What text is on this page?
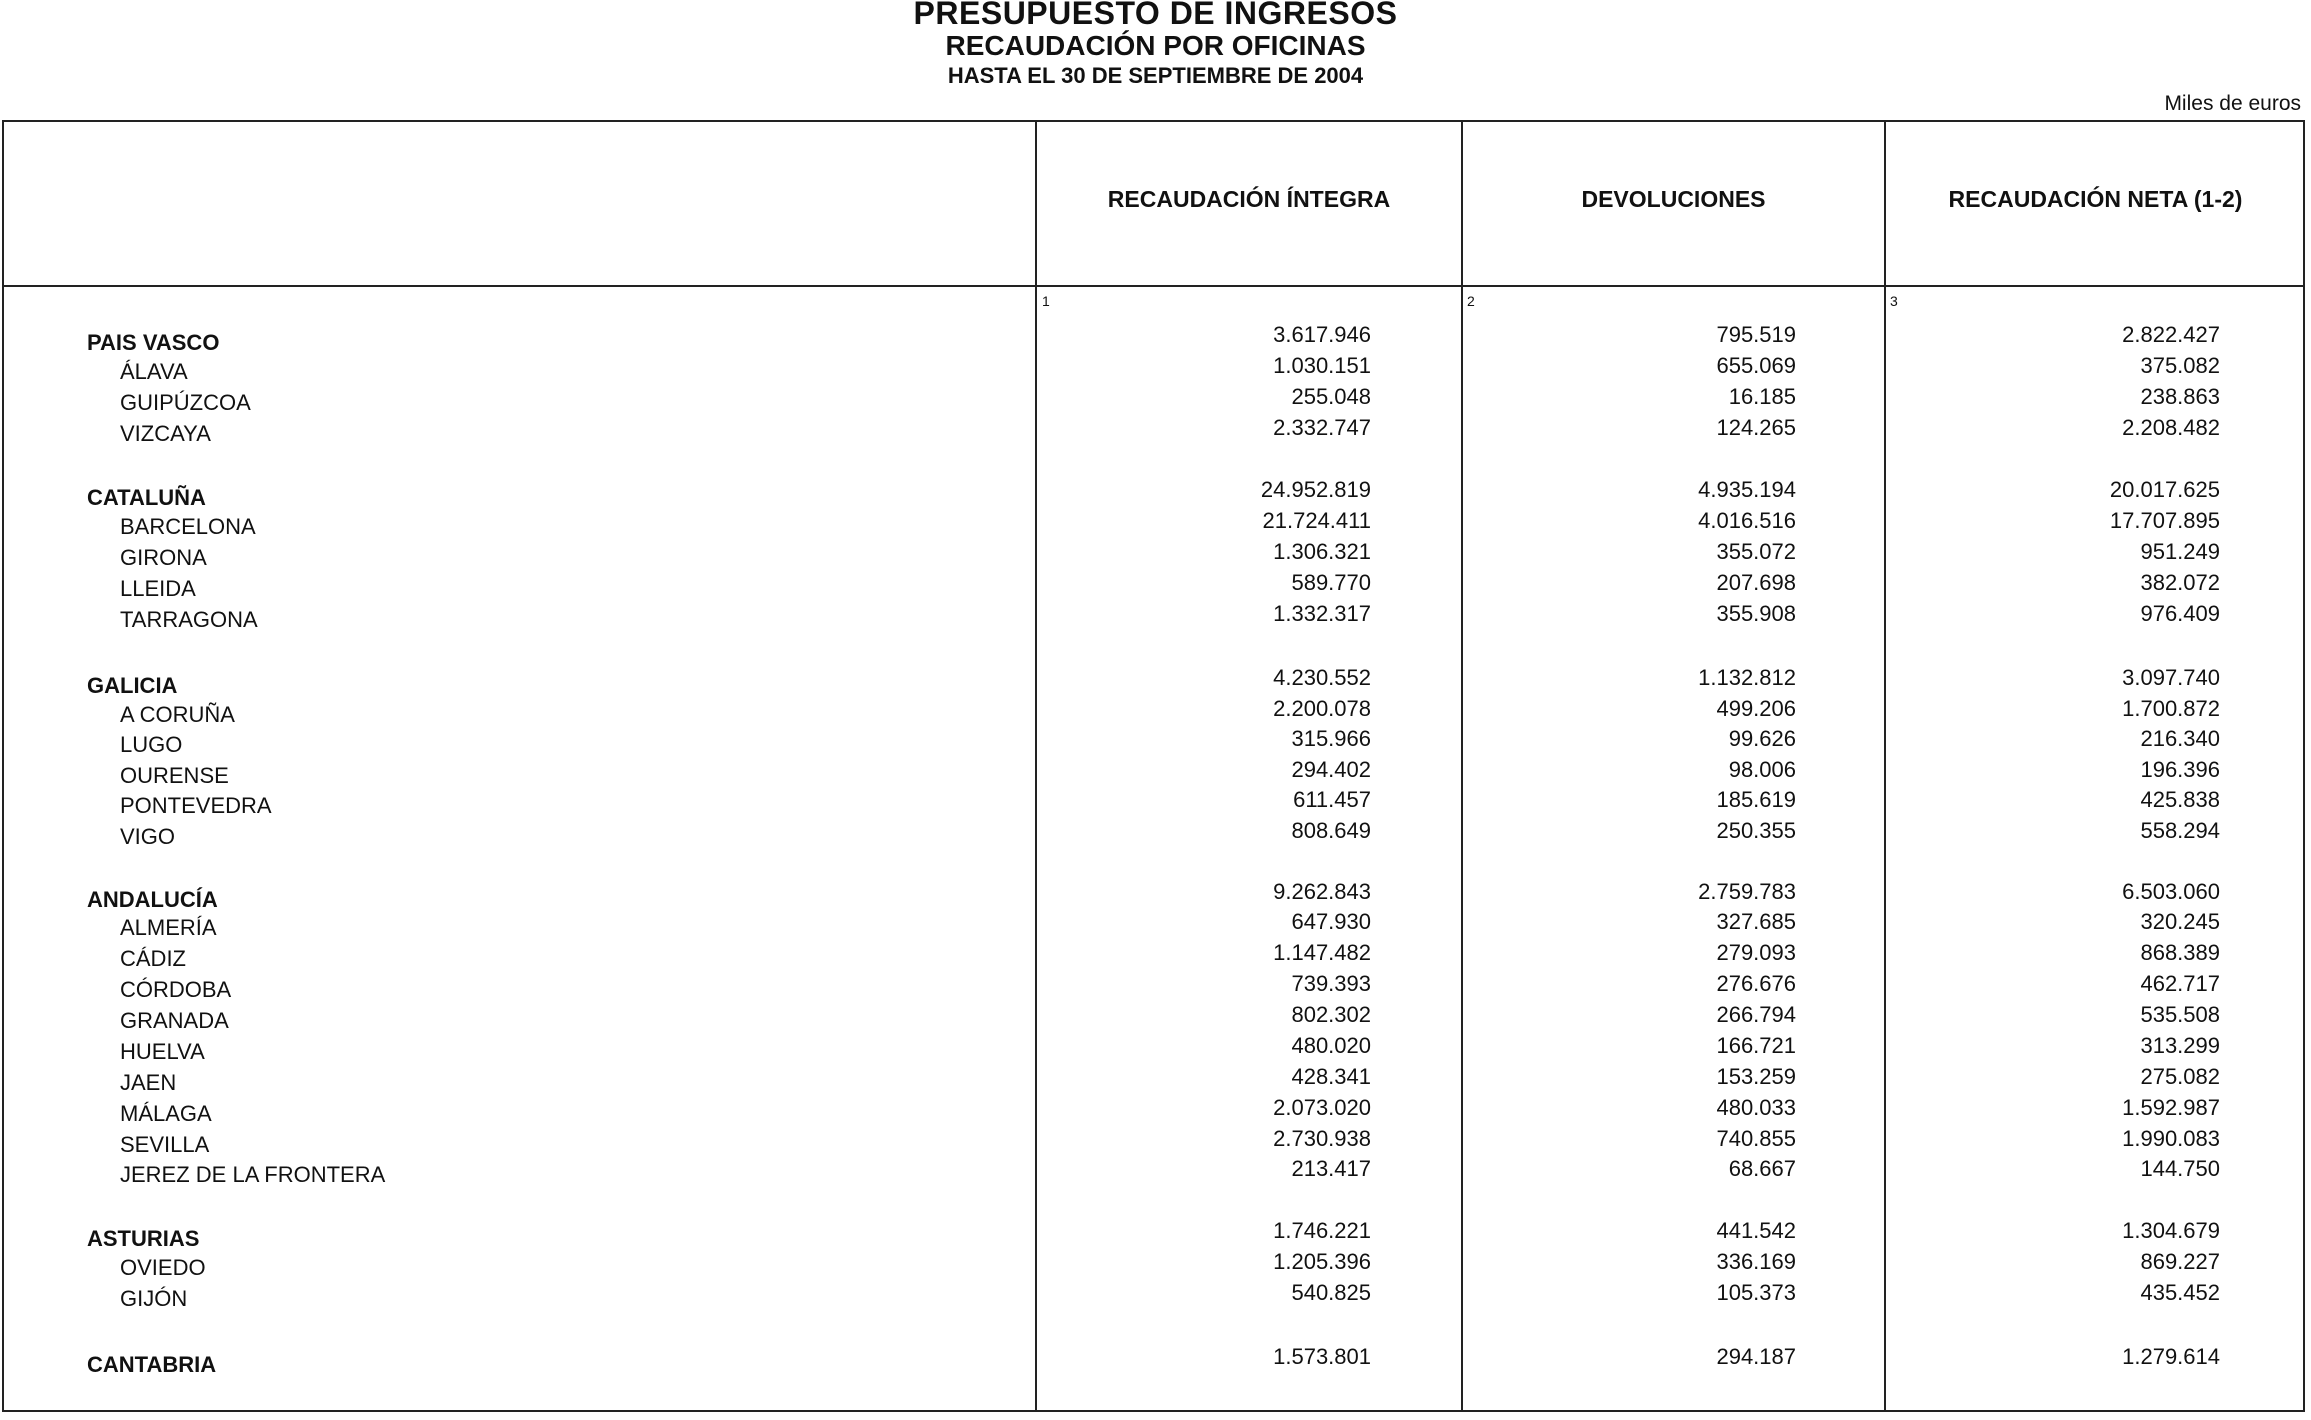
PRESUPUESTO DE INGRESOS
RECAUDACIÓN POR OFICINAS
HASTA EL 30 DE SEPTIEMBRE DE 2004
Miles de euros
RECAUDACIÓN ÍNTEGRA	DEVOLUCIONES	RECAUDACIÓN NETA (1-2)
1	2	3
PAIS VASCO	3.617.946	795.519	2.822.427
ÁLAVA	1.030.151	655.069	375.082
GUIPÚZCOA	255.048	16.185	238.863
VIZCAYA	2.332.747	124.265	2.208.482
CATALUÑA	24.952.819	4.935.194	20.017.625
BARCELONA	21.724.411	4.016.516	17.707.895
GIRONA	1.306.321	355.072	951.249
LLEIDA	589.770	207.698	382.072
TARRAGONA	1.332.317	355.908	976.409
GALICIA	4.230.552	1.132.812	3.097.740
A CORUÑA	2.200.078	499.206	1.700.872
LUGO	315.966	99.626	216.340
OURENSE	294.402	98.006	196.396
PONTEVEDRA	611.457	185.619	425.838
VIGO	808.649	250.355	558.294
ANDALUCÍA	9.262.843	2.759.783	6.503.060
ALMERÍA	647.930	327.685	320.245
CÁDIZ	1.147.482	279.093	868.389
CÓRDOBA	739.393	276.676	462.717
GRANADA	802.302	266.794	535.508
HUELVA	480.020	166.721	313.299
JAEN	428.341	153.259	275.082
MÁLAGA	2.073.020	480.033	1.592.987
SEVILLA	2.730.938	740.855	1.990.083
JEREZ DE LA FRONTERA	213.417	68.667	144.750
ASTURIAS	1.746.221	441.542	1.304.679
OVIEDO	1.205.396	336.169	869.227
GIJÓN	540.825	105.373	435.452
CANTABRIA	1.573.801	294.187	1.279.614
